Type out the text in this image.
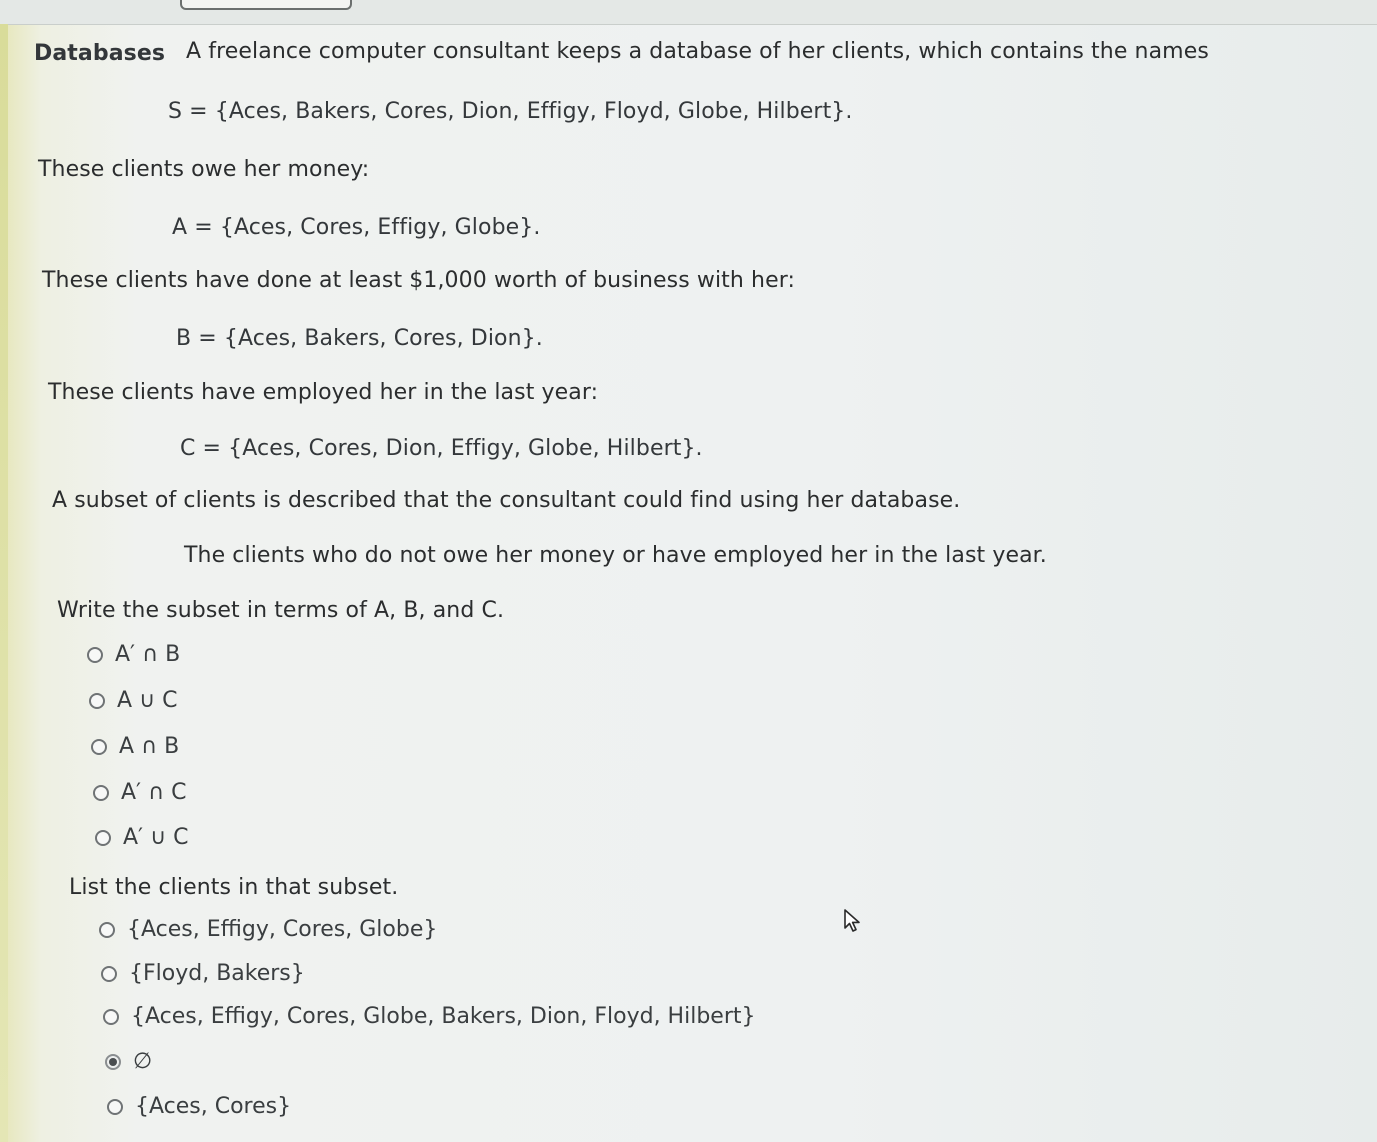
Databases A freelance computer consultant keeps a database of her clients, which contains the names
S = {Aces, Bakers, Cores, Dion, Effigy, Floyd, Globe, Hilbert}.
These clients owe her money:
A = {Aces, Cores, Effigy, Globe}.
These clients have done at least $1,000 worth of business with her:
B = {Aces, Bakers, Cores, Dion}.
These clients have employed her in the last year:
C = {Aces, Cores, Dion, Effigy, Globe, Hilbert}.
A subset of clients is described that the consultant could find using her database.
The clients who do not owe her money or have employed her in the last year.
Write the subset in terms of A, B, and C.
A′ ∩ B
A ∪ C
A ∩ B
A′ ∩ C
A′ ∪ C
List the clients in that subset.
{Aces, Effigy, Cores, Globe}
{Floyd, Bakers}
{Aces, Effigy, Cores, Globe, Bakers, Dion, Floyd, Hilbert}
∅
{Aces, Cores}
